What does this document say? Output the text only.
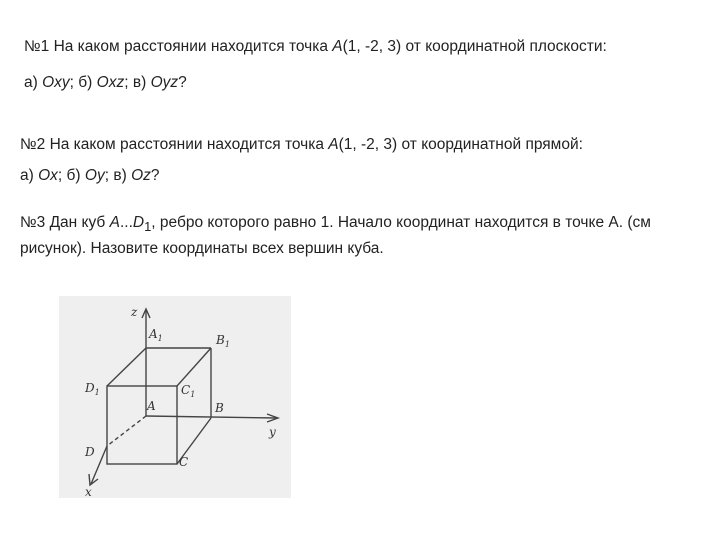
№1 На каком расстоянии находится точка A(1, -2, 3) от координатной плоскости:
а) Oxy; б) Oxz; в) Oyz?
№2 На каком расстоянии находится точка A(1, -2, 3) от координатной прямой:
а) Ox; б) Oy; в) Oz?
№3 Дан куб $A...D_1$, ребро которого равно 1. Начало координат находится в точке А. (см рисунок). Назовите координаты всех вершин куба.
z
y
x
$A_1$	$B_1$
$D_1$	$C_1$
A	B
C
D
